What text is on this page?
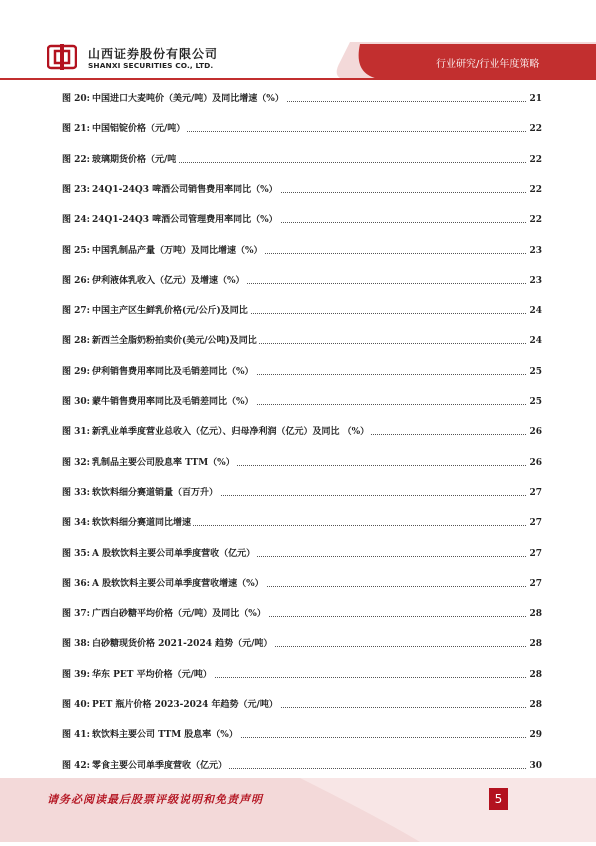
山西证券股份有限公司
SHANXI SECURITIES CO., LTD.	行业研究/行业年度策略
图 20: 中国进口大麦吨价（美元/吨）及同比增速（%）	21
图 21: 中国铝锭价格（元/吨）	22
图 22: 玻璃期货价格（元/吨	22
图 23: 24Q1-24Q3 啤酒公司销售费用率同比（%）	22
图 24: 24Q1-24Q3 啤酒公司管理费用率同比（%）	22
图 25: 中国乳制品产量（万吨）及同比增速（%）	23
图 26: 伊利液体乳收入（亿元）及增速（%）	23
图 27: 中国主产区生鲜乳价格(元/公斤)及同比	24
图 28: 新西兰全脂奶粉拍卖价(美元/公吨)及同比	24
图 29: 伊利销售费用率同比及毛销差同比（%）	25
图 30: 蒙牛销售费用率同比及毛销差同比（%）	25
图 31: 新乳业单季度营业总收入（亿元）、归母净利润（亿元）及同比 （%）	26
图 32: 乳制品主要公司股息率 TTM（%）	26
图 33: 软饮料细分赛道销量（百万升）	27
图 34: 软饮料细分赛道同比增速	27
图 35: A 股软饮料主要公司单季度营收（亿元）	27
图 36: A 股软饮料主要公司单季度营收增速（%）	27
图 37: 广西白砂糖平均价格（元/吨）及同比（%）	28
图 38: 白砂糖现货价格 2021-2024 趋势（元/吨）	28
图 39: 华东 PET 平均价格（元/吨）	28
图 40: PET 瓶片价格 2023-2024 年趋势（元/吨）	28
图 41: 软饮料主要公司 TTM 股息率（%）	29
图 42: 零食主要公司单季度营收（亿元）	30
请务必阅读最后股票评级说明和免责声明	5
